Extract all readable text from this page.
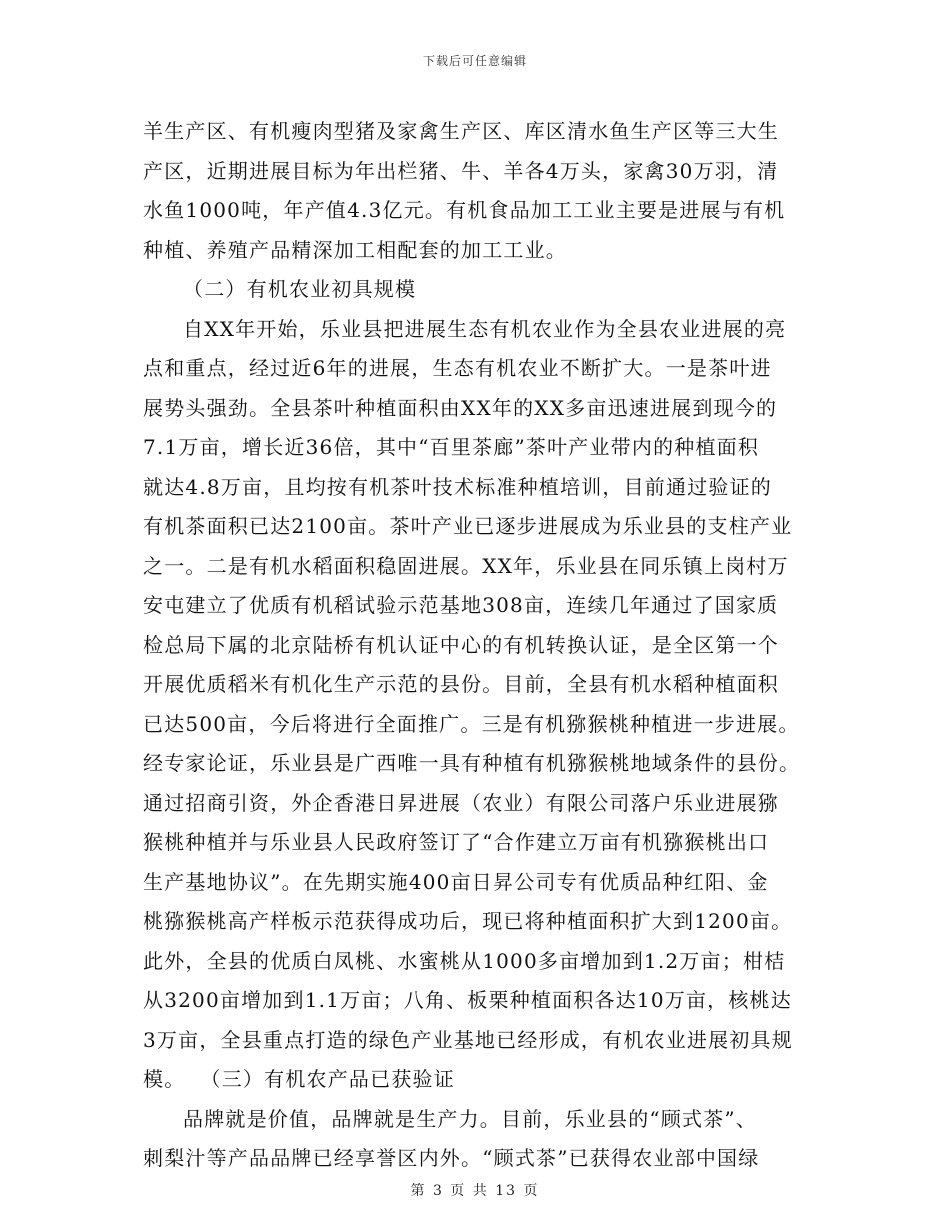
下载后可任意编辑
羊生产区、有机瘦肉型猪及家禽生产区、库区清水鱼生产区等三大生
产区，近期进展目标为年出栏猪、牛、羊各4万头，家禽30万羽，清
水鱼1000吨，年产值4.3亿元。有机食品加工工业主要是进展与有机
种植、养殖产品精深加工相配套的加工工业。
（二）有机农业初具规模
自XX年开始，乐业县把进展生态有机农业作为全县农业进展的亮
点和重点，经过近6年的进展，生态有机农业不断扩大。一是茶叶进
展势头强劲。全县茶叶种植面积由XX年的XX多亩迅速进展到现今的
7.1万亩，增长近36倍，其中“百里茶廊”茶叶产业带内的种植面积
就达4.8万亩，且均按有机茶叶技术标准种植培训，目前通过验证的
有机茶面积已达2100亩。茶叶产业已逐步进展成为乐业县的支柱产业
之一。二是有机水稻面积稳固进展。XX年，乐业县在同乐镇上岗村万
安屯建立了优质有机稻试验示范基地308亩，连续几年通过了国家质
检总局下属的北京陆桥有机认证中心的有机转换认证，是全区第一个
开展优质稻米有机化生产示范的县份。目前，全县有机水稻种植面积
已达500亩，今后将进行全面推广。三是有机猕猴桃种植进一步进展。
经专家论证，乐业县是广西唯一具有种植有机猕猴桃地域条件的县份。
通过招商引资，外企香港日昇进展（农业）有限公司落户乐业进展猕
猴桃种植并与乐业县人民政府签订了“合作建立万亩有机猕猴桃出口
生产基地协议”。在先期实施400亩日昇公司专有优质品种红阳、金
桃猕猴桃高产样板示范获得成功后，现已将种植面积扩大到1200亩。
此外，全县的优质白凤桃、水蜜桃从1000多亩增加到1.2万亩；柑桔
从3200亩增加到1.1万亩；八角、板栗种植面积各达10万亩，核桃达
3万亩，全县重点打造的绿色产业基地已经形成，有机农业进展初具规
模。  （三）有机农产品已获验证
品牌就是价值，品牌就是生产力。目前，乐业县的“顾式茶”、
刺梨汁等产品品牌已经享誉区内外。“顾式茶”已获得农业部中国绿
第 3 页 共 13 页
